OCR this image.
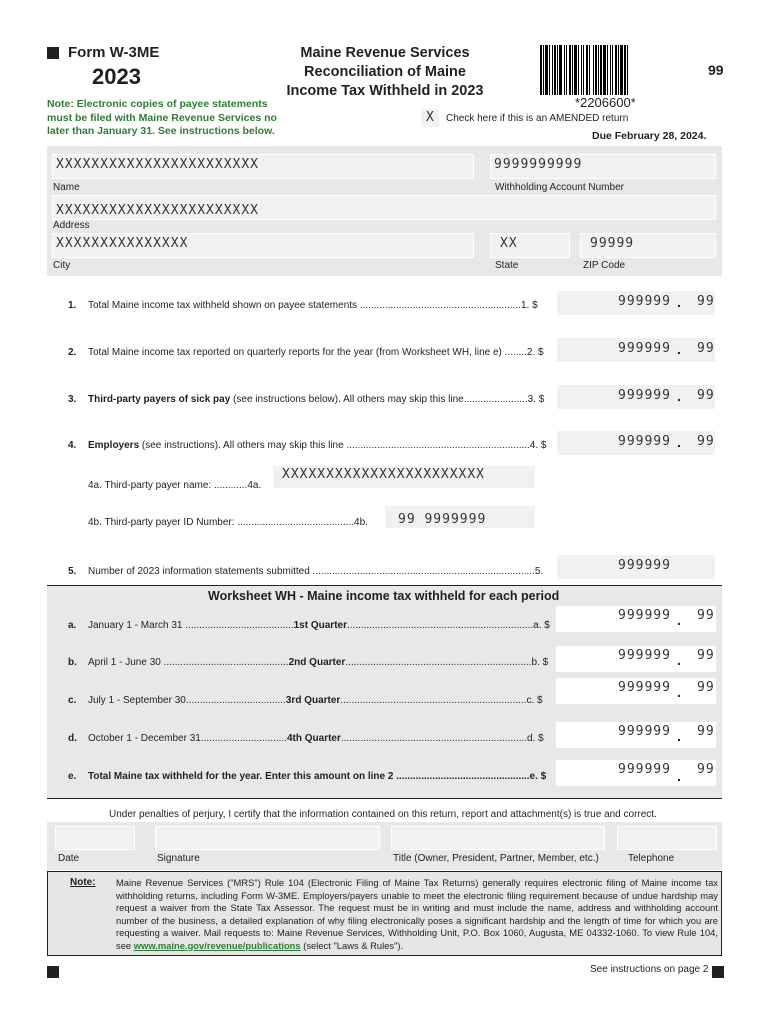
Form W-3ME
2023
Note: Electronic copies of payee statements must be filed with Maine Revenue Services no later than January 31. See instructions below.
Maine Revenue Services
Reconciliation of Maine
Income Tax Withheld in 2023
*2206600*
99
X Check here if this is an AMENDED return
Due February 28, 2024.
XXXXXXXXXXXXXXXXXXXXXXX
Name
9999999999
Withholding Account Number
XXXXXXXXXXXXXXXXXXXXXXX
Address
XXXXXXXXXXXXXXX
City
XX
State
99999
ZIP Code
1. Total Maine income tax withheld shown on payee statements ..........................................................1. $	999999 . 99
2. Total Maine income tax reported on quarterly reports for the year (from Worksheet WH, line e) ........2. $	999999 . 99
3. Third-party payers of sick pay (see instructions below). All others may skip this line.......................3. $	999999 . 99
4. Employers (see instructions). All others may skip this line ..................................................................4. $	999999 . 99
4a. Third-party payer name: ............4a.
XXXXXXXXXXXXXXXXXXXXXXX
4b. Third-party payer ID Number: ..........................................4b. 99 9999999
5. Number of 2023 information statements submitted ................................................................................5.	999999
Worksheet WH - Maine income tax withheld for each period
a. January 1 - March 31 .......................................1st Quarter...................................................................a. $
999999 . 99
b. April 1 - June 30 .............................................2nd Quarter...................................................................b. $	999999 . 99
c. July 1 - September 30....................................3rd Quarter...................................................................c. $
999999 . 99
d. October 1 - December 31...............................4th Quarter...................................................................d. $	999999 . 99
e. Total Maine tax withheld for the year. Enter this amount on line 2 ................................................e. $	999999 . 99
Under penalties of perjury, I certify that the information contained on this return, report and attachment(s) is true and correct.
Date	Signature	Title (Owner, President, Partner, Member, etc.)	Telephone
Note: Maine Revenue Services ("MRS") Rule 104 (Electronic Filing of Maine Tax Returns) generally requires electronic filing of Maine income tax withholding returns, including Form W-3ME. Employers/payers unable to meet the electronic filing requirement because of undue hardship may request a waiver from the State Tax Assessor. The request must be in writing and must include the name, address and withholding account number of the business, a detailed explanation of why filing electronically poses a significant hardship and the length of time for which you are requesting a waiver. Mail requests to: Maine Revenue Services, Withholding Unit, P.O. Box 1060, Augusta, ME 04332-1060. To view Rule 104, see www.maine.gov/revenue/publications (select "Laws & Rules").
See instructions on page 2
